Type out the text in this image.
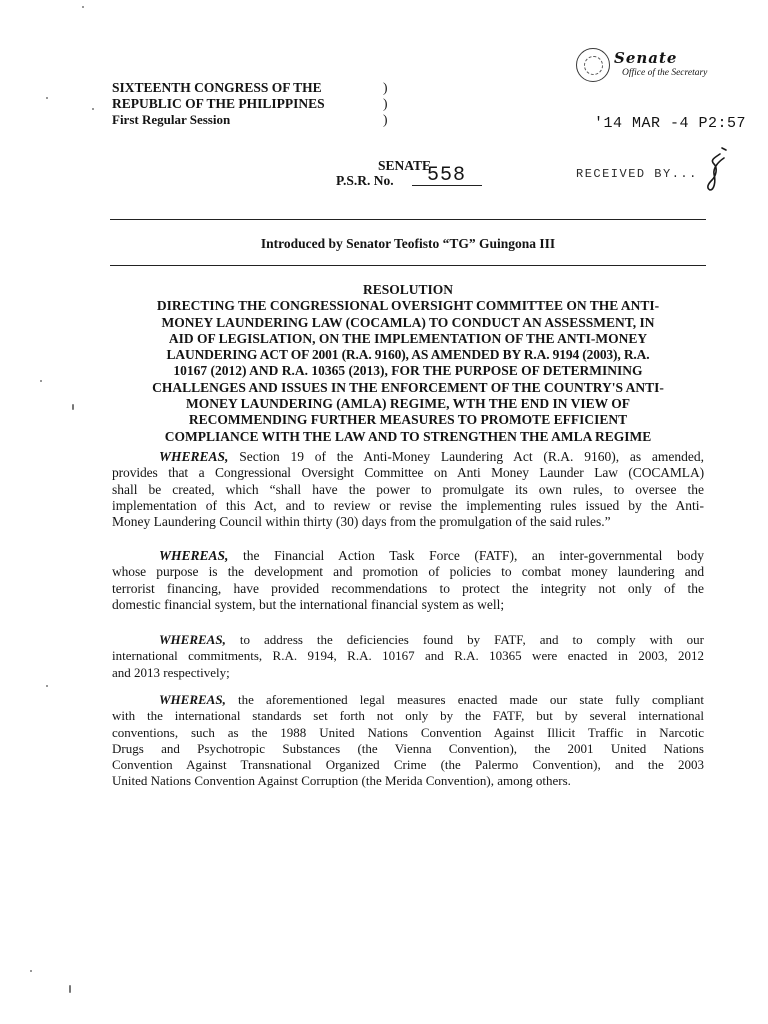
SIXTEENTH CONGRESS OF THE
REPUBLIC OF THE PHILIPPINES
First Regular Session
)
)
)
Senate
Office of the Secretary
'14 MAR -4 P2:57
SENATE
P.S.R. No. 558	RECEIVED BY...
Introduced by Senator Teofisto “TG” Guingona III
RESOLUTION
DIRECTING THE CONGRESSIONAL OVERSIGHT COMMITTEE ON THE ANTI-
MONEY LAUNDERING LAW (COCAMLA) TO CONDUCT AN ASSESSMENT, IN
AID OF LEGISLATION, ON THE IMPLEMENTATION OF THE ANTI-MONEY
LAUNDERING ACT OF 2001 (R.A. 9160), AS AMENDED BY R.A. 9194 (2003), R.A.
10167 (2012) AND R.A. 10365 (2013), FOR THE PURPOSE OF DETERMINING
CHALLENGES AND ISSUES IN THE ENFORCEMENT OF THE COUNTRY'S ANTI-
MONEY LAUNDERING (AMLA) REGIME, WTH THE END IN VIEW OF
RECOMMENDING FURTHER MEASURES TO PROMOTE EFFICIENT
COMPLIANCE WITH THE LAW AND TO STRENGTHEN THE AMLA REGIME
WHEREAS, Section 19 of the Anti-Money Laundering Act (R.A. 9160), as amended,
provides that a Congressional Oversight Committee on Anti Money Launder Law (COCAMLA)
shall be created, which “shall have the power to promulgate its own rules, to oversee the
implementation of this Act, and to review or revise the implementing rules issued by the Anti-
Money Laundering Council within thirty (30) days from the promulgation of the said rules.”
WHEREAS, the Financial Action Task Force (FATF), an inter-governmental body
whose purpose is the development and promotion of policies to combat money laundering and
terrorist financing, have provided recommendations to protect the integrity not only of the
domestic financial system, but the international financial system as well;
WHEREAS, to address the deficiencies found by FATF, and to comply with our
international commitments, R.A. 9194, R.A. 10167 and R.A. 10365 were enacted in 2003, 2012
and 2013 respectively;
WHEREAS, the aforementioned legal measures enacted made our state fully compliant
with the international standards set forth not only by the FATF, but by several international
conventions, such as the 1988 United Nations Convention Against Illicit Traffic in Narcotic
Drugs and Psychotropic Substances (the Vienna Convention), the 2001 United Nations
Convention Against Transnational Organized Crime (the Palermo Convention), and the 2003
United Nations Convention Against Corruption (the Merida Convention), among others.
